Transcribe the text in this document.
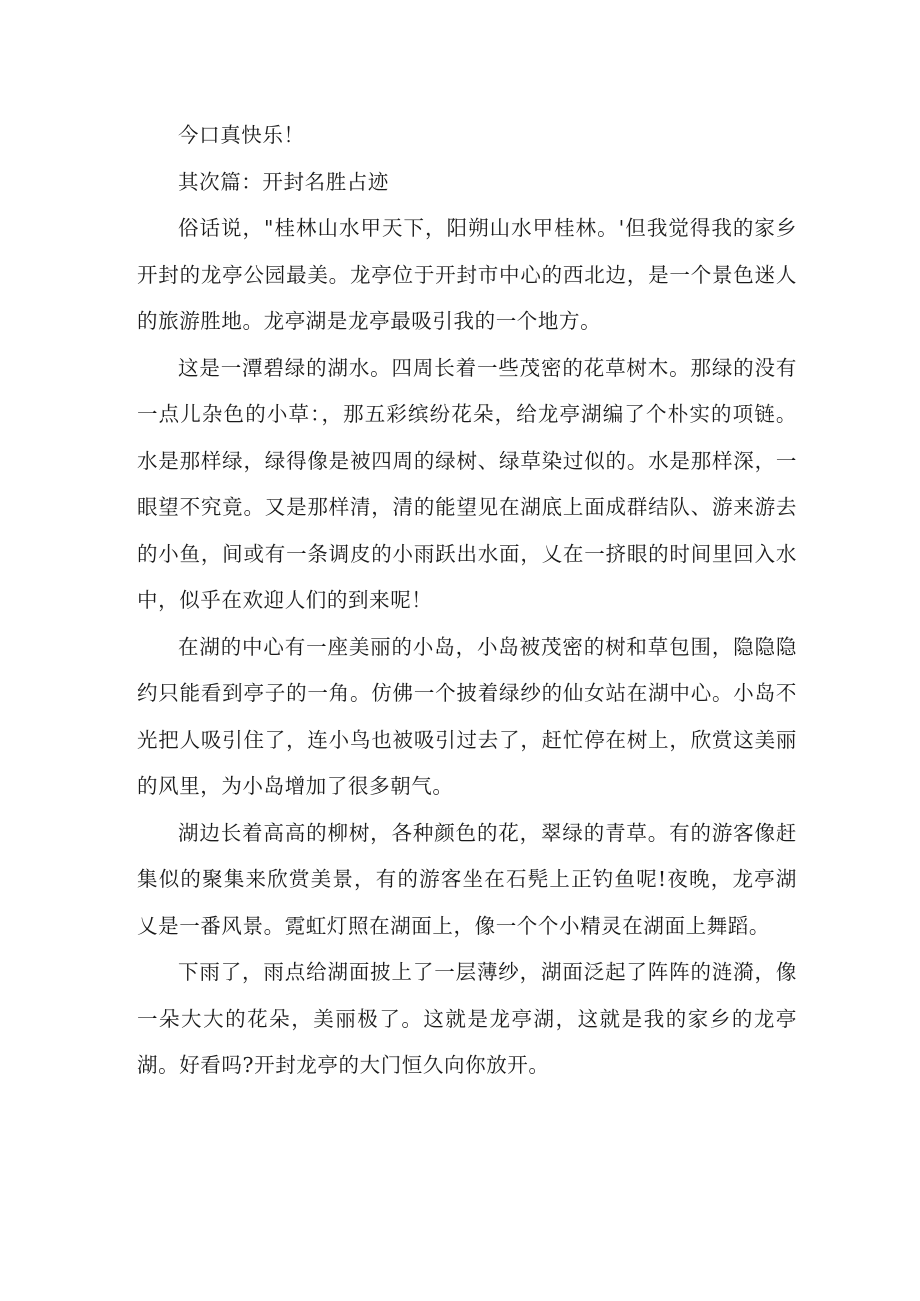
今口真快乐！

其次篇：开封名胜占迹

俗话说，"桂林山水甲天下，阳朔山水甲桂林。'但我觉得我的家乡开封的龙亭公园最美。龙亭位于开封市中心的西北边，是一个景色迷人的旅游胜地。龙亭湖是龙亭最吸引我的一个地方。

这是一潭碧绿的湖水。四周长着一些茂密的花草树木。那绿的没有一点儿杂色的小草：，那五彩缤纷花朵，给龙亭湖编了个朴实的项链。水是那样绿，绿得像是被四周的绿树、绿草染过似的。水是那样深，一眼望不究竟。又是那样清，清的能望见在湖底上面成群结队、游来游去的小鱼，间或有一条调皮的小雨跃出水面，乂在一挤眼的时间里回入水中，似乎在欢迎人们的到来呢！

在湖的中心有一座美丽的小岛，小岛被茂密的树和草包围，隐隐隐约只能看到亭子的一角。仿佛一个披着绿纱的仙女站在湖中心。小岛不光把人吸引住了，连小鸟也被吸引过去了，赶忙停在树上，欣赏这美丽的风里，为小岛增加了很多朝气。

湖边长着高高的柳树，各种颜色的花，翠绿的青草。有的游客像赶集似的聚集来欣赏美景，有的游客坐在石髡上正钓鱼呢!夜晚，龙亭湖乂是一番风景。霓虹灯照在湖面上，像一个个小精灵在湖面上舞蹈。

下雨了，雨点给湖面披上了一层薄纱，湖面泛起了阵阵的涟漪，像一朵大大的花朵，美丽极了。这就是龙亭湖，这就是我的家乡的龙亭湖。好看吗?开封龙亭的大门恒久向你放开。
